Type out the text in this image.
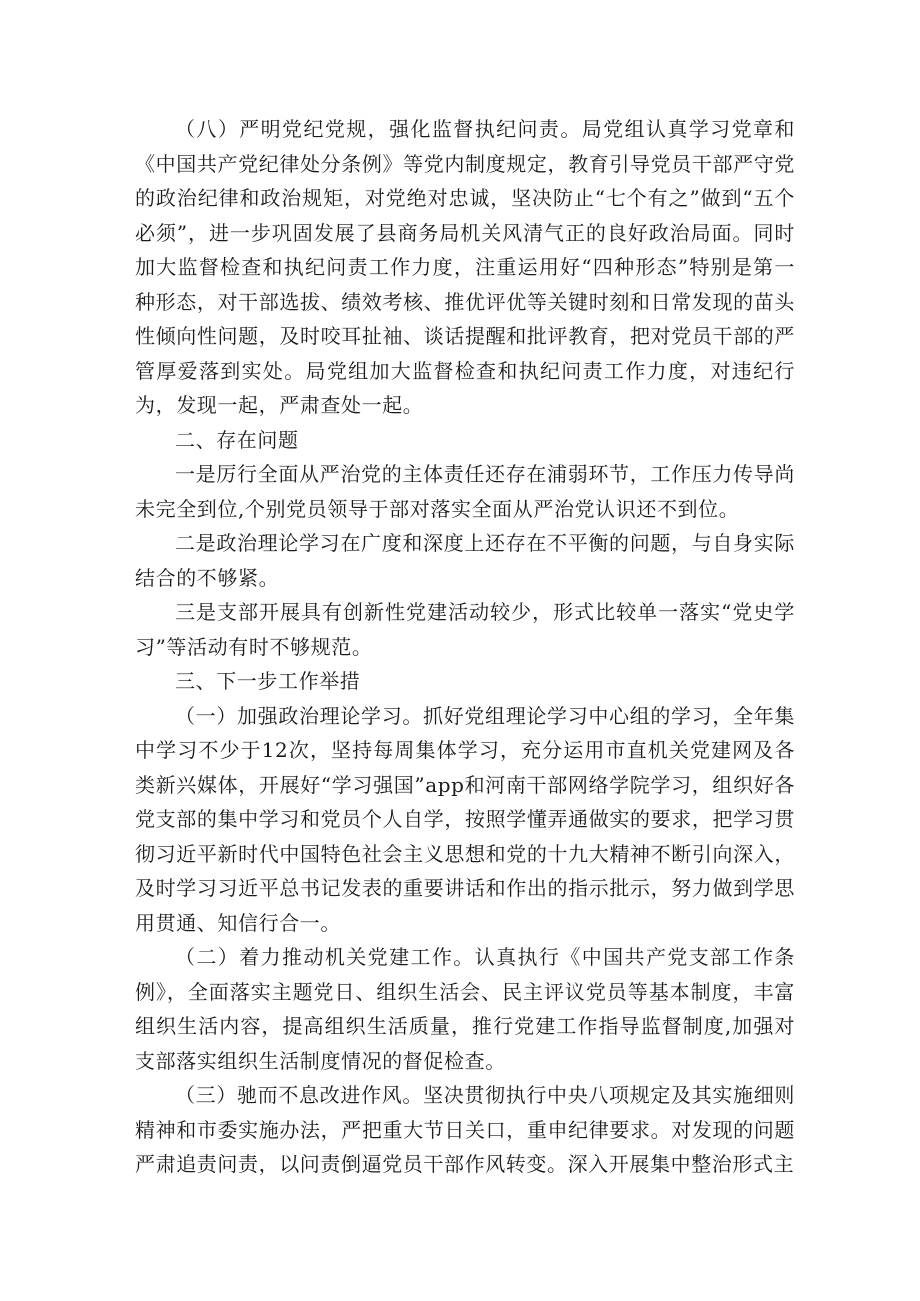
（八）严明党纪党规，强化监督执纪问责。局党组认真学习党章和《中国共产党纪律处分条例》等党内制度规定，教育引导党员干部严守党的政治纪律和政治规矩，对党绝对忠诚，坚决防止“七个有之”做到“五个必须”，进一步巩固发展了县商务局机关风清气正的良好政治局面。同时加大监督检查和执纪问责工作力度，注重运用好“四种形态”特别是第一种形态，对干部选拔、绩效考核、推优评优等关键时刻和日常发现的苗头性倾向性问题，及时咬耳扯袖、谈话提醒和批评教育，把对党员干部的严管厚爱落到实处。局党组加大监督检查和执纪问责工作力度，对违纪行为，发现一起，严肃查处一起。

二、存在问题

一是厉行全面从严治党的主体责任还存在浦弱环节，工作压力传导尚未完全到位,个别党员领导于部对落实全面从严治党认识还不到位。

二是政治理论学习在广度和深度上还存在不平衡的问题，与自身实际结合的不够紧。

三是支部开展具有创新性党建活动较少，形式比较单一落实“党史学习”等活动有时不够规范。

三、下一步工作举措

（一）加强政治理论学习。抓好党组理论学习中心组的学习，全年集中学习不少于12次，坚持每周集体学习，充分运用市直机关党建网及各类新兴媒体，开展好“学习强国”app和河南干部网络学院学习，组织好各党支部的集中学习和党员个人自学，按照学懂弄通做实的要求，把学习贯彻习近平新时代中国特色社会主义思想和党的十九大精神不断引向深入，及时学习习近平总书记发表的重要讲话和作出的指示批示，努力做到学思用贯通、知信行合一。

（二）着力推动机关党建工作。认真执行《中国共产党支部工作条例》，全面落实主题党日、组织生活会、民主评议党员等基本制度，丰富组织生活内容，提高组织生活质量，推行党建工作指导监督制度,加强对支部落实组织生活制度情况的督促检查。

（三）驰而不息改进作风。坚决贯彻执行中央八项规定及其实施细则精神和市委实施办法，严把重大节日关口，重申纪律要求。对发现的问题严肃追责问责，以问责倒逼党员干部作风转变。深入开展集中整治形式主
